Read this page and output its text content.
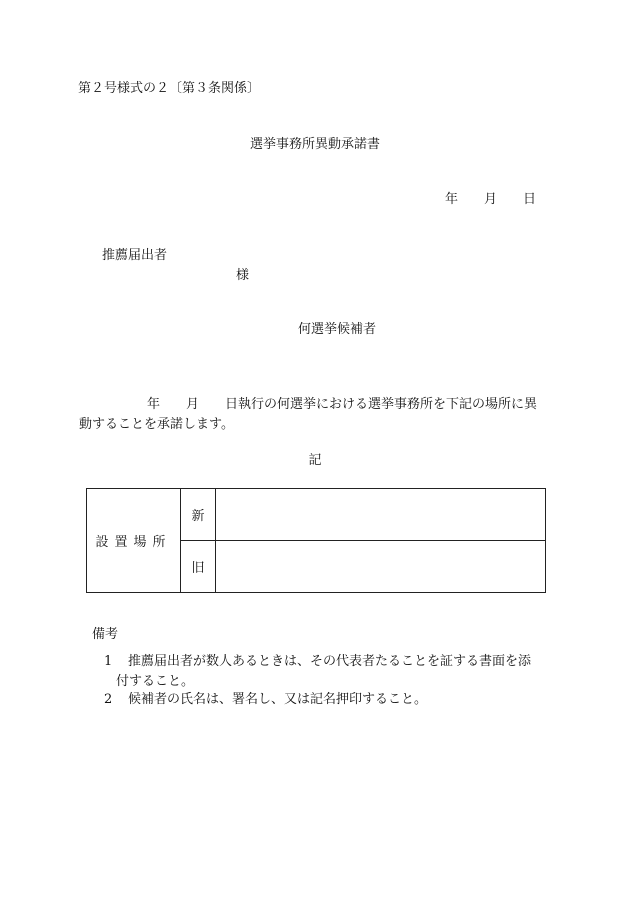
第２号様式の２〔第３条関係〕
選挙事務所異動承諾書
年 月 日
推薦届出者
様
何選挙候補者
年 月 日執行の何選挙における選挙事務所を下記の場所に異
動することを承諾します。
記
設置場所	新	
	旧	
備考
1	推薦届出者が数人あるときは、その代表者たることを証する書面を添
付すること。
2	候補者の氏名は、署名し、又は記名押印すること。
